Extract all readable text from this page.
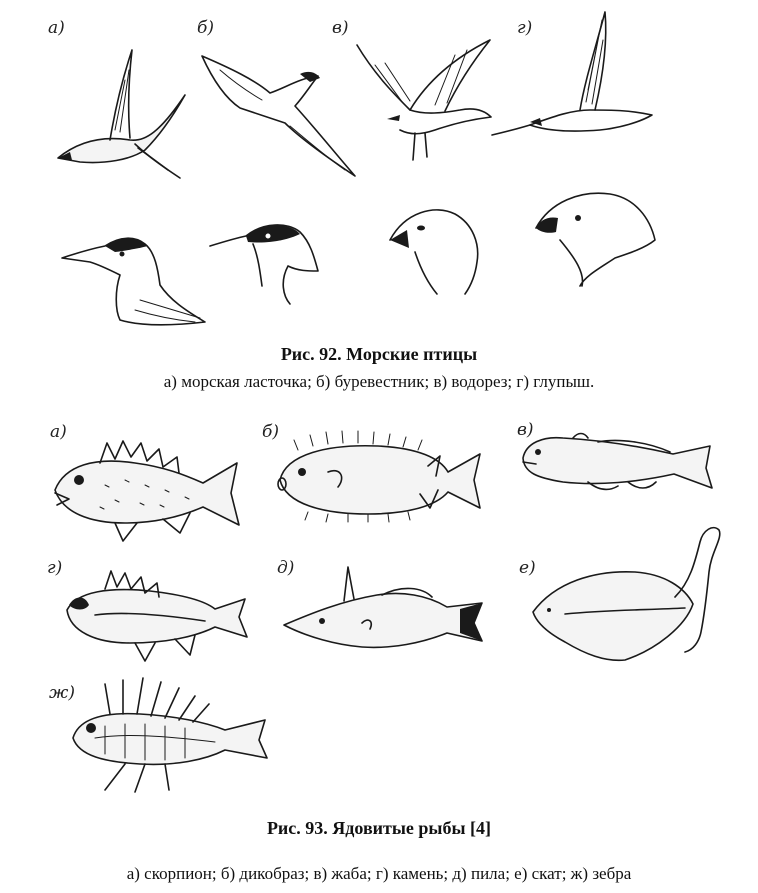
а)	б)	в)	г)
Рис. 92. Морские птицы
а) морская ласточка; б) буревестник; в) водорез; г) глупыш.
а)	б)	в)
г)	д)	е)
ж)
Рис. 93. Ядовитые рыбы [4]
а) скорпион; б) дикобраз; в) жаба; г) камень; д) пила; е) скат; ж) зебра
